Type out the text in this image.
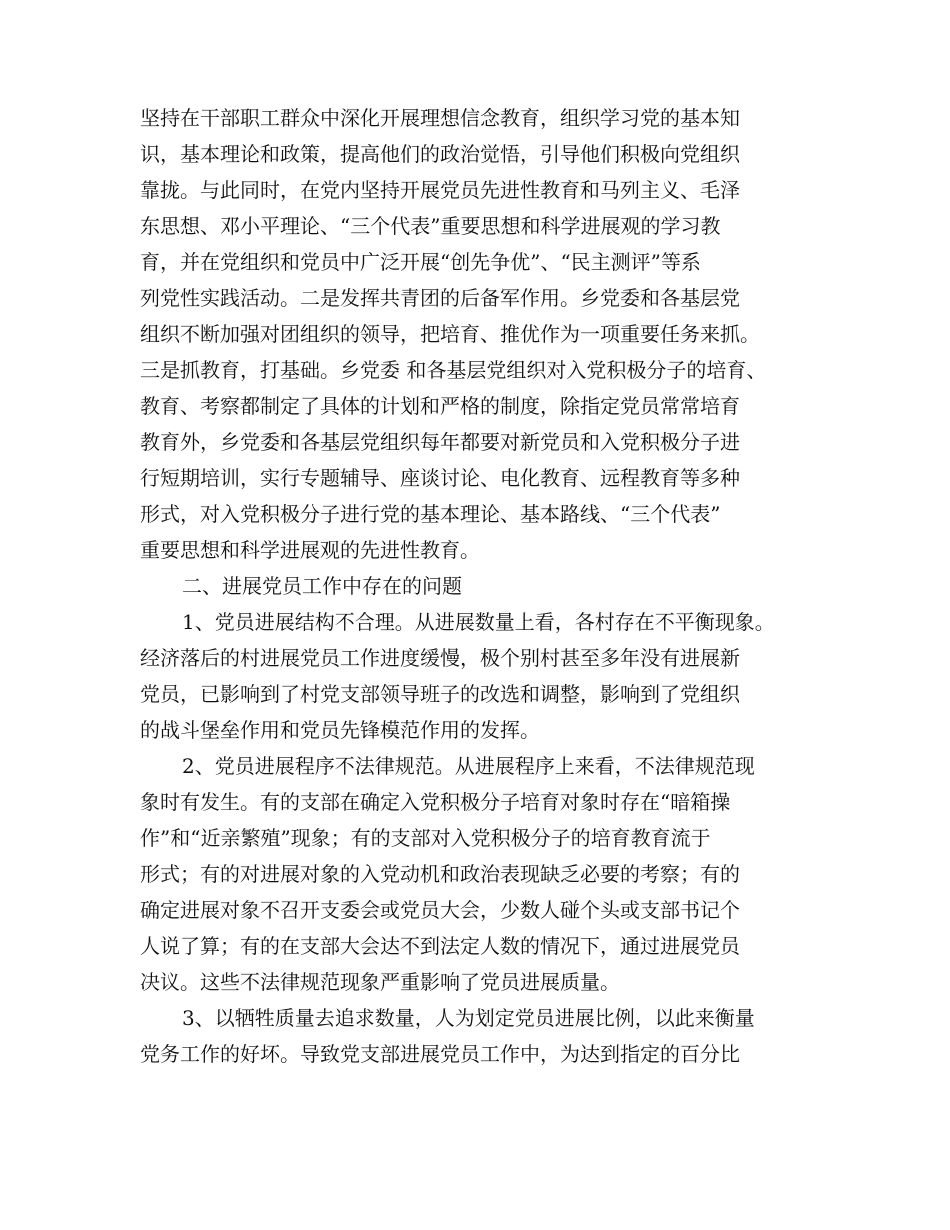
坚持在干部职工群众中深化开展理想信念教育，组织学习党的基本知
识，基本理论和政策，提高他们的政治觉悟，引导他们积极向党组织
靠拢。与此同时，在党内坚持开展党员先进性教育和马列主义、毛泽
东思想、邓小平理论、“三个代表”重要思想和科学进展观的学习教
育，并在党组织和党员中广泛开展“创先争优”、“民主测评”等系
列党性实践活动。二是发挥共青团的后备军作用。乡党委和各基层党
组织不断加强对团组织的领导，把培育、推优作为一项重要任务来抓。
三是抓教育，打基础。乡党委 和各基层党组织对入党积极分子的培育、
教育、考察都制定了具体的计划和严格的制度，除指定党员常常培育
教育外，乡党委和各基层党组织每年都要对新党员和入党积极分子进
行短期培训，实行专题辅导、座谈讨论、电化教育、远程教育等多种
形式，对入党积极分子进行党的基本理论、基本路线、“三个代表”
重要思想和科学进展观的先进性教育。
二、进展党员工作中存在的问题
1、党员进展结构不合理。从进展数量上看，各村存在不平衡现象。
经济落后的村进展党员工作进度缓慢，极个别村甚至多年没有进展新
党员，已影响到了村党支部领导班子的改选和调整，影响到了党组织
的战斗堡垒作用和党员先锋模范作用的发挥。
2、党员进展程序不法律规范。从进展程序上来看，不法律规范现
象时有发生。有的支部在确定入党积极分子培育对象时存在“暗箱操
作”和“近亲繁殖”现象；有的支部对入党积极分子的培育教育流于
形式；有的对进展对象的入党动机和政治表现缺乏必要的考察；有的
确定进展对象不召开支委会或党员大会，少数人碰个头或支部书记个
人说了算；有的在支部大会达不到法定人数的情况下，通过进展党员
决议。这些不法律规范现象严重影响了党员进展质量。
3、以牺牲质量去追求数量，人为划定党员进展比例，以此来衡量
党务工作的好坏。导致党支部进展党员工作中，为达到指定的百分比
